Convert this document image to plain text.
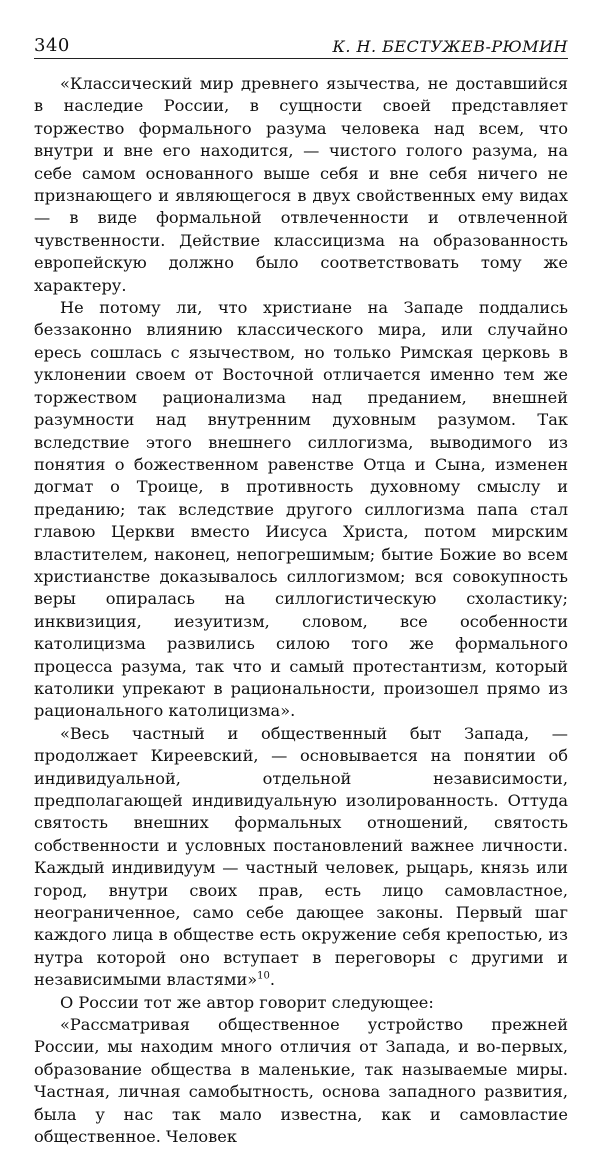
340	К. Н. БЕСТУЖЕВ-РЮМИН

«Классический мир древнего язычества, не доставшийся в наследие России, в сущности своей представляет торжество формального разума человека над всем, что внутри и вне его находится, — чистого голого разума, на себе самом основанного выше себя и вне себя ничего не признающего и являющегося в двух свойственных ему видах — в виде формальной отвлеченности и отвлеченной чувственности. Действие классицизма на образованность европейскую должно было соответствовать тому же характеру.

Не потому ли, что христиане на Западе поддались беззаконно влиянию классического мира, или случайно ересь сошлась с язычеством, но только Римская церковь в уклонении своем от Восточной отличается именно тем же торжеством рационализма над преданием, внешней разумности над внутренним духовным разумом. Так вследствие этого внешнего силлогизма, выводимого из понятия о божественном равенстве Отца и Сына, изменен догмат о Троице, в противность духовному смыслу и преданию; так вследствие другого силлогизма папа стал главою Церкви вместо Иисуса Христа, потом мирским властителем, наконец, непогрешимым; бытие Божие во всем христианстве доказывалось силлогизмом; вся совокупность веры опиралась на силлогистическую схоластику; инквизиция, иезуитизм, словом, все особенности католицизма развились силою того же формального процесса разума, так что и самый протестантизм, который католики упрекают в рациональности, произошел прямо из рационального католицизма».

«Весь частный и общественный быт Запада, — продолжает Киреевский, — основывается на понятии об индивидуальной, отдельной независимости, предполагающей индивидуальную изолированность. Оттуда святость внешних формальных отношений, святость собственности и условных постановлений важнее личности. Каждый индивидуум — частный человек, рыцарь, князь или город, внутри своих прав, есть лицо самовластное, неограниченное, само себе дающее законы. Первый шаг каждого лица в обществе есть окружение себя крепостью, из нутра которой оно вступает в переговоры с другими и независимыми властями»$^{10}$.

О России тот же автор говорит следующее:

«Рассматривая общественное устройство прежней России, мы находим много отличия от Запада, и во-первых, образование общества в маленькие, так называемые миры. Частная, личная самобытность, основа западного развития, была у нас так мало известна, как и самовластие общественное. Человек
